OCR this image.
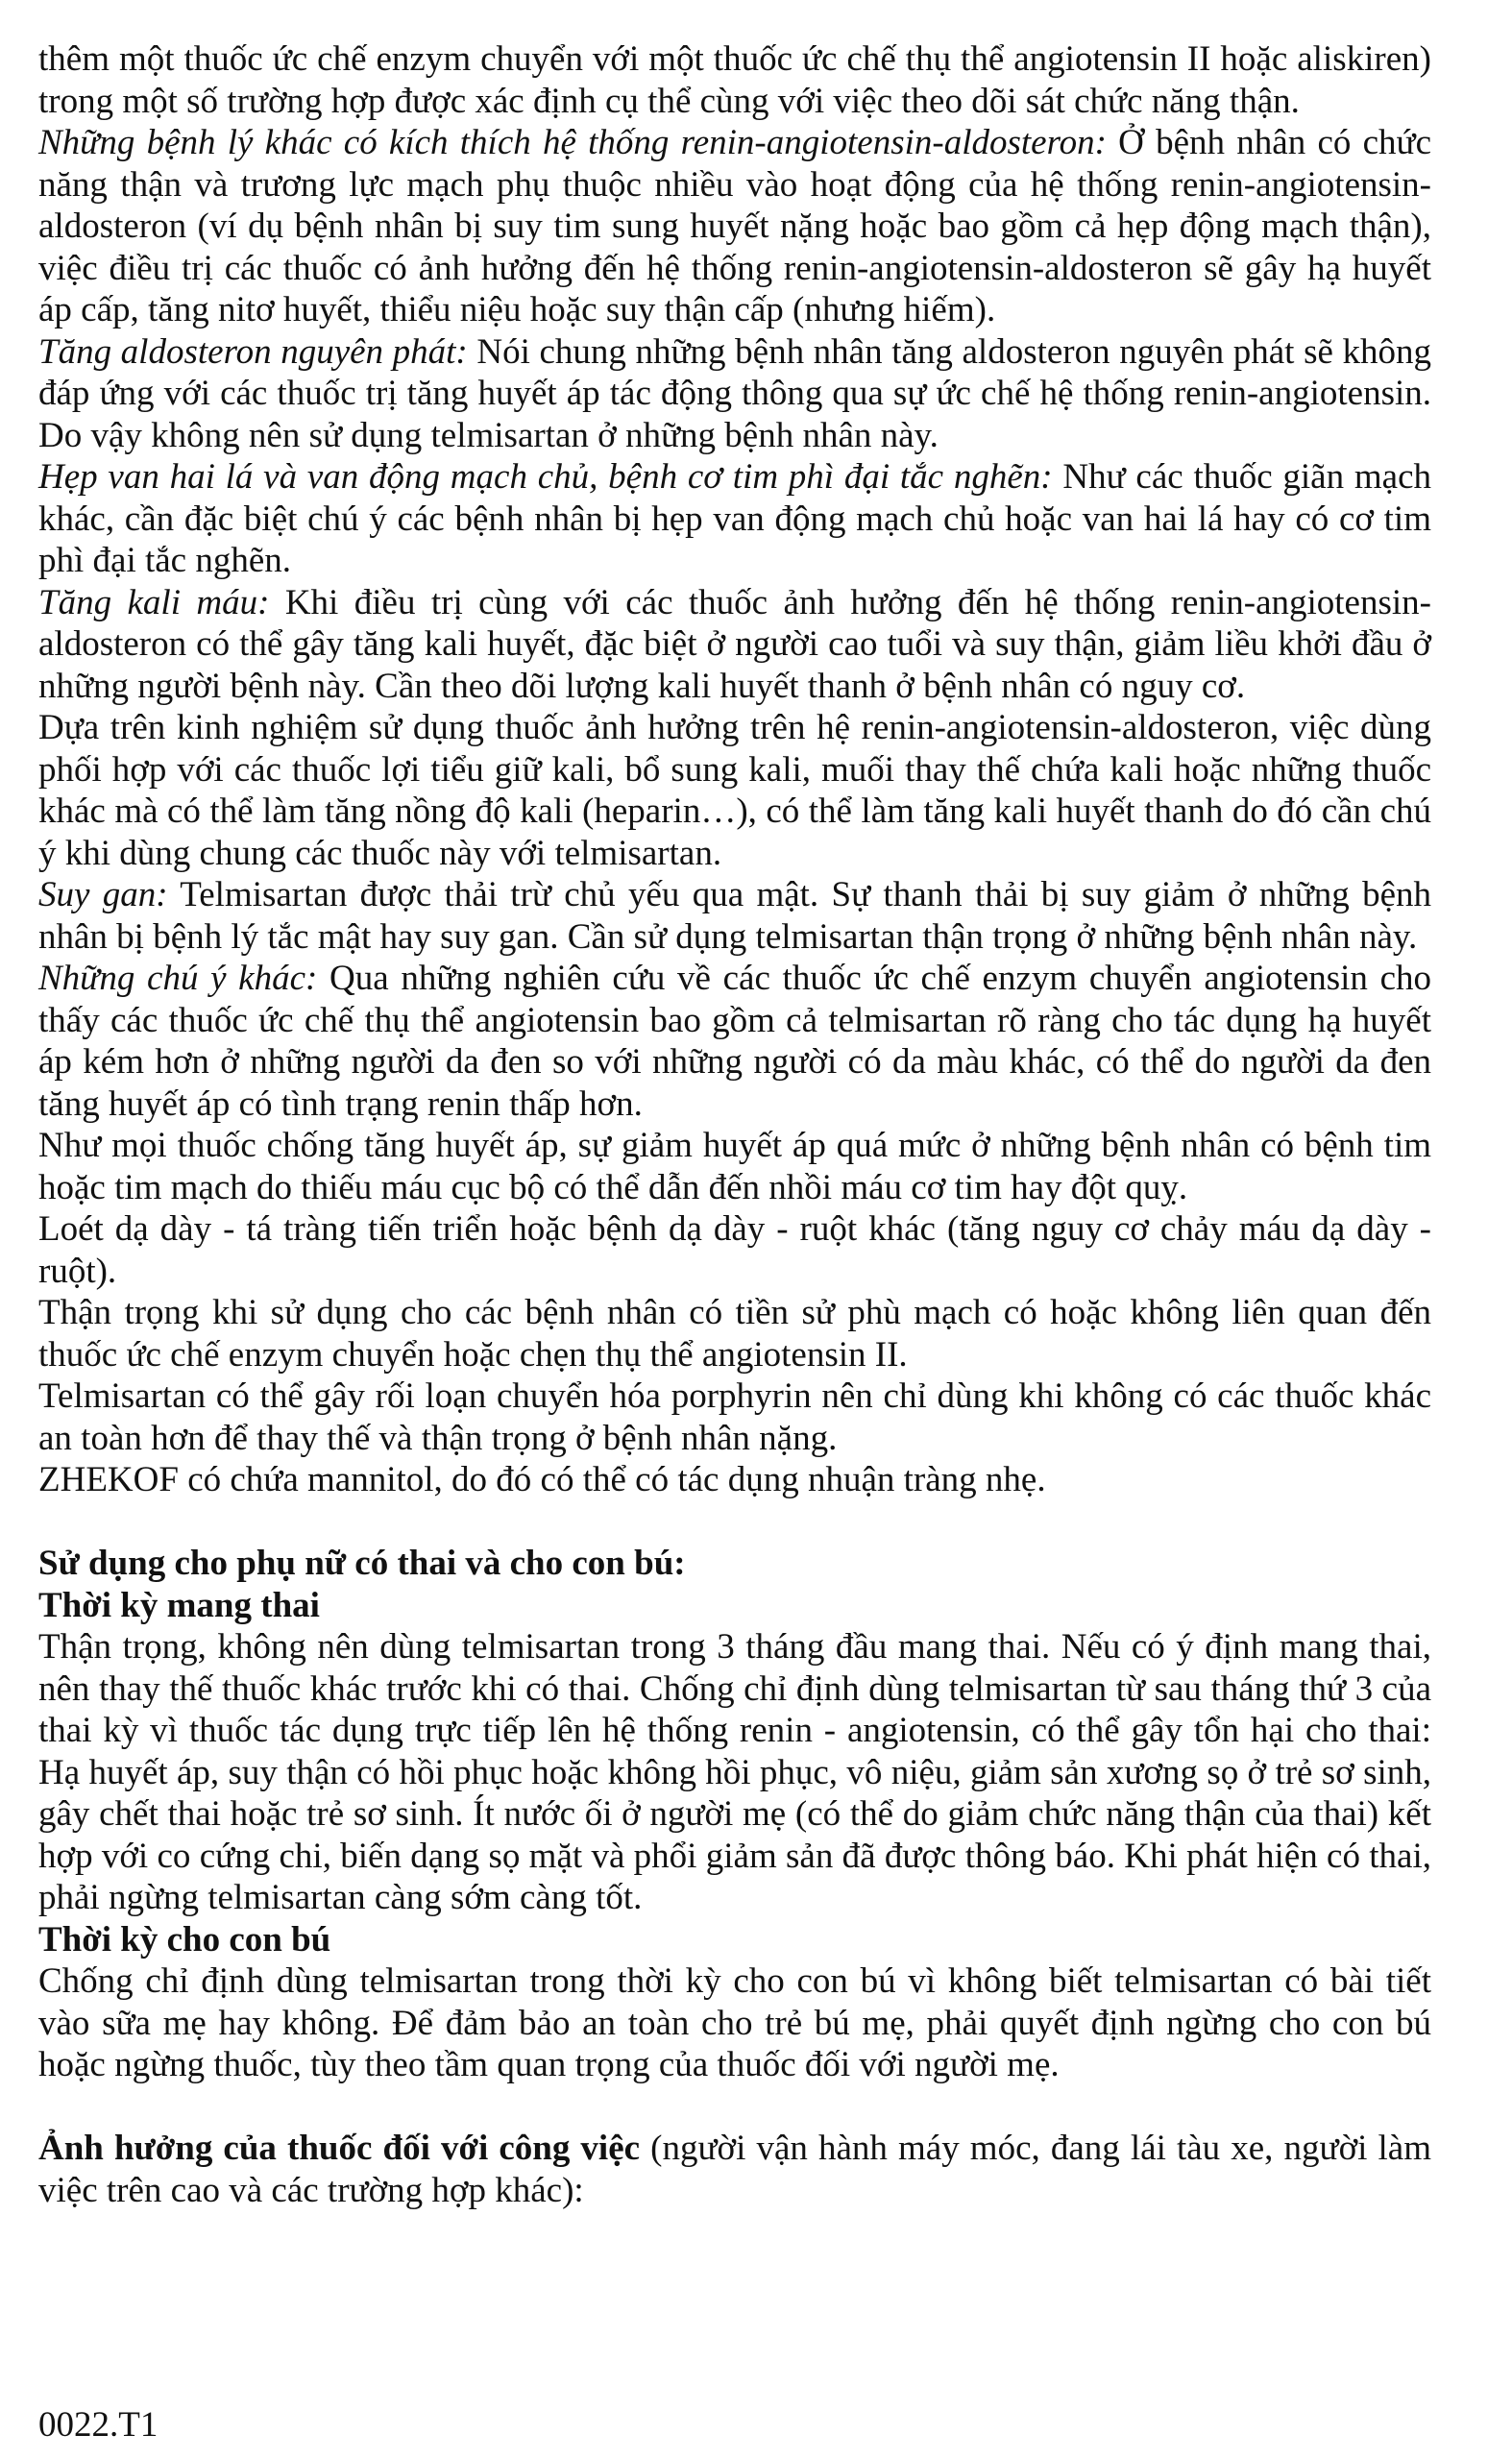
thêm một thuốc ức chế enzym chuyển với một thuốc ức chế thụ thể angiotensin II hoặc aliskiren) trong một số trường hợp được xác định cụ thể cùng với việc theo dõi sát chức năng thận.

Những bệnh lý khác có kích thích hệ thống renin-angiotensin-aldosteron: Ở bệnh nhân có chức năng thận và trương lực mạch phụ thuộc nhiều vào hoạt động của hệ thống renin-angiotensin-aldosteron (ví dụ bệnh nhân bị suy tim sung huyết nặng hoặc bao gồm cả hẹp động mạch thận), việc điều trị các thuốc có ảnh hưởng đến hệ thống renin-angiotensin-aldosteron sẽ gây hạ huyết áp cấp, tăng nitơ huyết, thiểu niệu hoặc suy thận cấp (nhưng hiếm).

Tăng aldosteron nguyên phát: Nói chung những bệnh nhân tăng aldosteron nguyên phát sẽ không đáp ứng với các thuốc trị tăng huyết áp tác động thông qua sự ức chế hệ thống renin-angiotensin. Do vậy không nên sử dụng telmisartan ở những bệnh nhân này.

Hẹp van hai lá và van động mạch chủ, bệnh cơ tim phì đại tắc nghẽn: Như các thuốc giãn mạch khác, cần đặc biệt chú ý các bệnh nhân bị hẹp van động mạch chủ hoặc van hai lá hay có cơ tim phì đại tắc nghẽn.

Tăng kali máu: Khi điều trị cùng với các thuốc ảnh hưởng đến hệ thống renin-angiotensin-aldosteron có thể gây tăng kali huyết, đặc biệt ở người cao tuổi và suy thận, giảm liều khởi đầu ở những người bệnh này. Cần theo dõi lượng kali huyết thanh ở bệnh nhân có nguy cơ.

Dựa trên kinh nghiệm sử dụng thuốc ảnh hưởng trên hệ renin-angiotensin-aldosteron, việc dùng phối hợp với các thuốc lợi tiểu giữ kali, bổ sung kali, muối thay thế chứa kali hoặc những thuốc khác mà có thể làm tăng nồng độ kali (heparin…), có thể làm tăng kali huyết thanh do đó cần chú ý khi dùng chung các thuốc này với telmisartan.

Suy gan: Telmisartan được thải trừ chủ yếu qua mật. Sự thanh thải bị suy giảm ở những bệnh nhân bị bệnh lý tắc mật hay suy gan. Cần sử dụng telmisartan thận trọng ở những bệnh nhân này.

Những chú ý khác: Qua những nghiên cứu về các thuốc ức chế enzym chuyển angiotensin cho thấy các thuốc ức chế thụ thể angiotensin bao gồm cả telmisartan rõ ràng cho tác dụng hạ huyết áp kém hơn ở những người da đen so với những người có da màu khác, có thể do người da đen tăng huyết áp có tình trạng renin thấp hơn.

Như mọi thuốc chống tăng huyết áp, sự giảm huyết áp quá mức ở những bệnh nhân có bệnh tim hoặc tim mạch do thiếu máu cục bộ có thể dẫn đến nhồi máu cơ tim hay đột quỵ.

Loét dạ dày - tá tràng tiến triển hoặc bệnh dạ dày - ruột khác (tăng nguy cơ chảy máu dạ dày - ruột).

Thận trọng khi sử dụng cho các bệnh nhân có tiền sử phù mạch có hoặc không liên quan đến thuốc ức chế enzym chuyển hoặc chẹn thụ thể angiotensin II.

Telmisartan có thể gây rối loạn chuyển hóa porphyrin nên chỉ dùng khi không có các thuốc khác an toàn hơn để thay thế và thận trọng ở bệnh nhân nặng.

ZHEKOF có chứa mannitol, do đó có thể có tác dụng nhuận tràng nhẹ.

Sử dụng cho phụ nữ có thai và cho con bú:

Thời kỳ mang thai

Thận trọng, không nên dùng telmisartan trong 3 tháng đầu mang thai. Nếu có ý định mang thai, nên thay thế thuốc khác trước khi có thai. Chống chỉ định dùng telmisartan từ sau tháng thứ 3 của thai kỳ vì thuốc tác dụng trực tiếp lên hệ thống renin - angiotensin, có thể gây tổn hại cho thai: Hạ huyết áp, suy thận có hồi phục hoặc không hồi phục, vô niệu, giảm sản xương sọ ở trẻ sơ sinh, gây chết thai hoặc trẻ sơ sinh. Ít nước ối ở người mẹ (có thể do giảm chức năng thận của thai) kết hợp với co cứng chi, biến dạng sọ mặt và phổi giảm sản đã được thông báo. Khi phát hiện có thai, phải ngừng telmisartan càng sớm càng tốt.

Thời kỳ cho con bú

Chống chỉ định dùng telmisartan trong thời kỳ cho con bú vì không biết telmisartan có bài tiết vào sữa mẹ hay không. Để đảm bảo an toàn cho trẻ bú mẹ, phải quyết định ngừng cho con bú hoặc ngừng thuốc, tùy theo tầm quan trọng của thuốc đối với người mẹ.

Ảnh hưởng của thuốc đối với công việc (người vận hành máy móc, đang lái tàu xe, người làm việc trên cao và các trường hợp khác):

0022.T1
